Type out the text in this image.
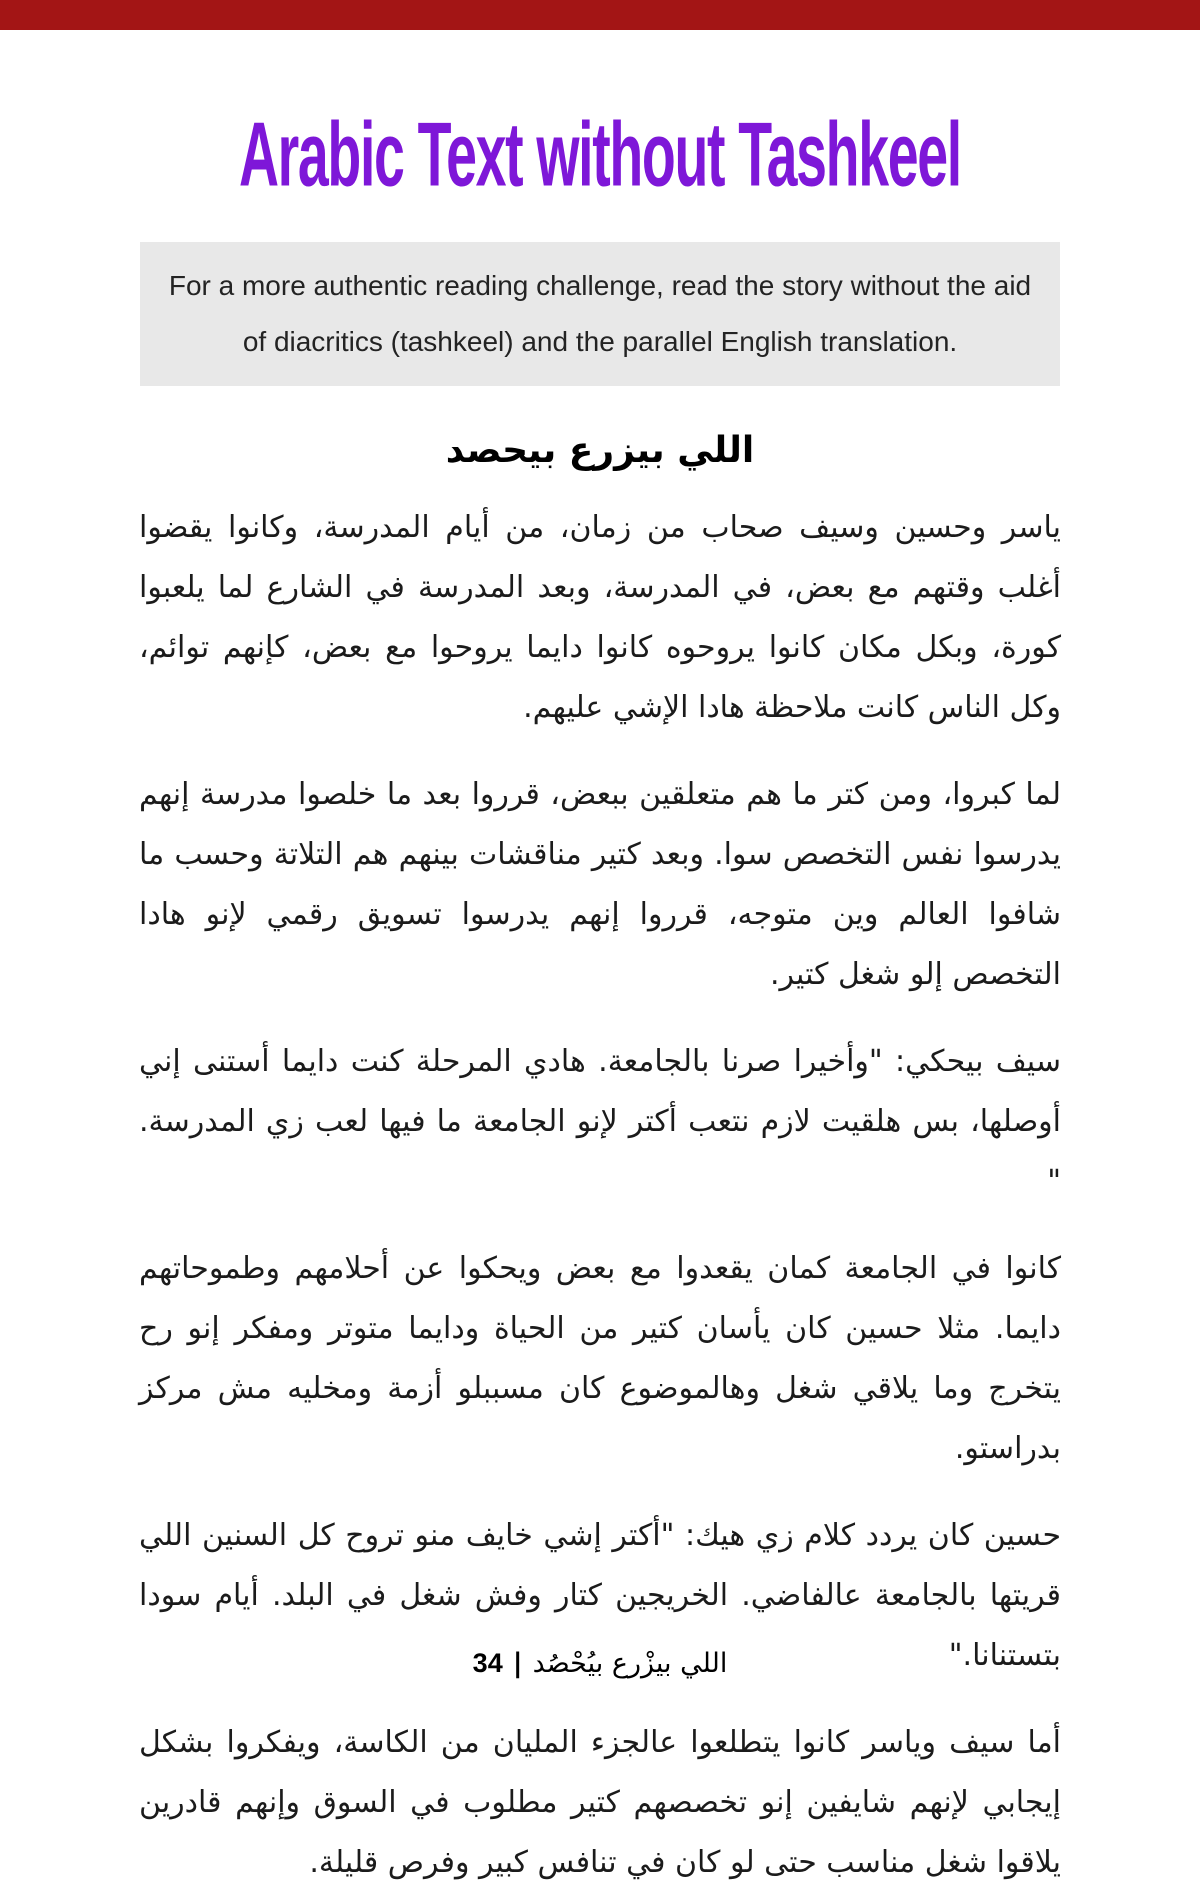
Arabic Text without Tashkeel
For a more authentic reading challenge, read the story without the aid of diacritics (tashkeel) and the parallel English translation.
اللي بيزرع بيحصد

ياسر وحسين وسيف صحاب من زمان، من أيام المدرسة، وكانوا يقضوا أغلب وقتهم مع بعض، في المدرسة، وبعد المدرسة في الشارع لما يلعبوا كورة، وبكل مكان كانوا يروحوه كانوا دايما يروحوا مع بعض، كإنهم توائم، وكل الناس كانت ملاحظة هادا الإشي عليهم.

لما كبروا، ومن كتر ما هم متعلقين ببعض، قرروا بعد ما خلصوا مدرسة إنهم يدرسوا نفس التخصص سوا. وبعد كتير مناقشات بينهم هم التلاتة وحسب ما شافوا العالم وين متوجه، قرروا إنهم يدرسوا تسويق رقمي لإنو هادا التخصص إلو شغل كتير.

سيف بيحكي: "وأخيرا صرنا بالجامعة. هادي المرحلة كنت دايما أستنى إني أوصلها، بس هلقيت لازم نتعب أكتر لإنو الجامعة ما فيها لعب زي المدرسة. "

كانوا في الجامعة كمان يقعدوا مع بعض ويحكوا عن أحلامهم وطموحاتهم دايما. مثلا حسين كان يأسان كتير من الحياة ودايما متوتر ومفكر إنو رح يتخرج وما يلاقي شغل وهالموضوع كان مسببلو أزمة ومخليه مش مركز بدراستو.

حسين كان يردد كلام زي هيك: "أكتر إشي خايف منو تروح كل السنين اللي قريتها بالجامعة عالفاضي. الخريجين كتار وفش شغل في البلد. أيام سودا بتستنانا."

أما سيف وياسر كانوا يتطلعوا عالجزء المليان من الكاسة، ويفكروا بشكل إيجابي لإنهم شايفين إنو تخصصهم كتير مطلوب في السوق وإنهم قادرين يلاقوا شغل مناسب حتى لو كان في تنافس كبير وفرص قليلة.

اللي بيزْرع بيُحْصُد|34
